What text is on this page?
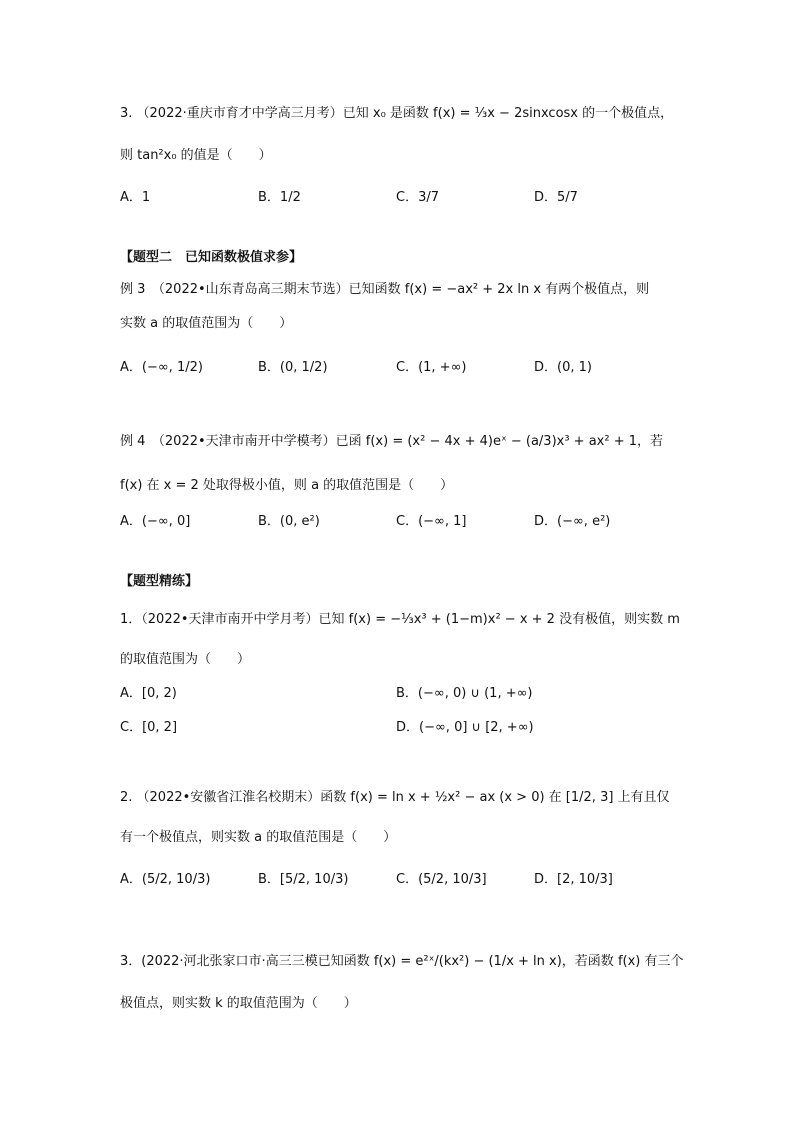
3. （2022·重庆市育才中学高三月考）已知 x₀ 是函数 f(x) = ⅓x − 2sinxcosx 的一个极值点，
则 tan²x₀ 的值是（　　）
A．1	B．1/2	C．3/7	D．5/7
【题型二　已知函数极值求参】
例 3　（2022•山东青岛高三期末节选）已知函数 f(x) = −ax² + 2x ln x 有两个极值点，则
实数 a 的取值范围为（　　）
A．(−∞, 1/2)	B．(0, 1/2)	C．(1, +∞)	D．(0, 1)
例 4　（2022•天津市南开中学模考）已函 f(x) = (x² − 4x + 4)eˣ − (a/3)x³ + ax² + 1，若
f(x) 在 x = 2 处取得极小值，则 a 的取值范围是（　　）
A．(−∞, 0]	B．(0, e²)	C．(−∞, 1]	D．(−∞, e²)
【题型精练】
1．（2022•天津市南开中学月考）已知 f(x) = −⅓x³ + (1−m)x² − x + 2 没有极值，则实数 m
的取值范围为（　　）
A．[0, 2)	B．(−∞, 0) ∪ (1, +∞)
C．[0, 2]	D．(−∞, 0] ∪ [2, +∞)
2. （2022•安徽省江淮名校期末）函数 f(x) = ln x + ½x² − ax (x > 0) 在 [1/2, 3] 上有且仅
有一个极值点，则实数 a 的取值范围是（　　）
A．(5/2, 10/3)	B．[5/2, 10/3)	C．(5/2, 10/3]	D．[2, 10/3]
3．(2022·河北张家口市·高三三模已知函数 f(x) = e²ˣ/(kx²) − (1/x + ln x)，若函数 f(x) 有三个
极值点，则实数 k 的取值范围为（　　）
